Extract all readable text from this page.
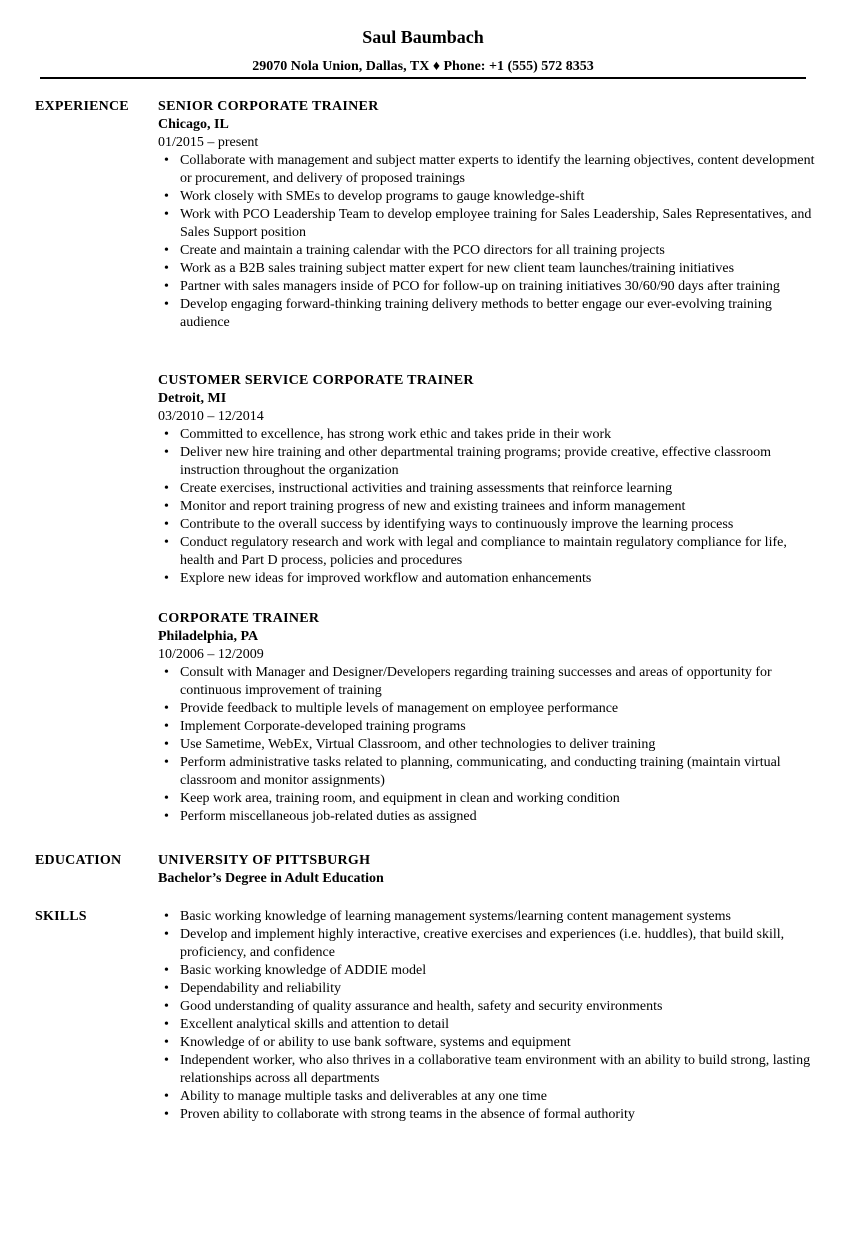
Saul Baumbach
29070 Nola Union, Dallas, TX ♦ Phone: +1 (555) 572 8353
EXPERIENCE SENIOR CORPORATE TRAINER
Chicago, IL
01/2015 – present
• Collaborate with management and subject matter experts to identify the learning objectives, content development or procurement, and delivery of proposed trainings
• Work closely with SMEs to develop programs to gauge knowledge-shift
• Work with PCO Leadership Team to develop employee training for Sales Leadership, Sales Representatives, and Sales Support position
• Create and maintain a training calendar with the PCO directors for all training projects
• Work as a B2B sales training subject matter expert for new client team launches/training initiatives
• Partner with sales managers inside of PCO for follow-up on training initiatives 30/60/90 days after training
• Develop engaging forward-thinking training delivery methods to better engage our ever-evolving training audience
CUSTOMER SERVICE CORPORATE TRAINER
Detroit, MI
03/2010 – 12/2014
• Committed to excellence, has strong work ethic and takes pride in their work
• Deliver new hire training and other departmental training programs; provide creative, effective classroom instruction throughout the organization
• Create exercises, instructional activities and training assessments that reinforce learning
• Monitor and report training progress of new and existing trainees and inform management
• Contribute to the overall success by identifying ways to continuously improve the learning process
• Conduct regulatory research and work with legal and compliance to maintain regulatory compliance for life, health and Part D process, policies and procedures
• Explore new ideas for improved workflow and automation enhancements
CORPORATE TRAINER
Philadelphia, PA
10/2006 – 12/2009
• Consult with Manager and Designer/Developers regarding training successes and areas of opportunity for continuous improvement of training
• Provide feedback to multiple levels of management on employee performance
• Implement Corporate-developed training programs
• Use Sametime, WebEx, Virtual Classroom, and other technologies to deliver training
• Perform administrative tasks related to planning, communicating, and conducting training (maintain virtual classroom and monitor assignments)
• Keep work area, training room, and equipment in clean and working condition
• Perform miscellaneous job-related duties as assigned
EDUCATION	UNIVERSITY OF PITTSBURGH
Bachelor’s Degree in Adult Education
SKILLS
•	Basic working knowledge of learning management systems/learning content management systems
• Develop and implement highly interactive, creative exercises and experiences (i.e. huddles), that build skill, proficiency, and confidence
• Basic working knowledge of ADDIE model
• Dependability and reliability
• Good understanding of quality assurance and health, safety and security environments
• Excellent analytical skills and attention to detail
• Knowledge of or ability to use bank software, systems and equipment
• Independent worker, who also thrives in a collaborative team environment with an ability to build strong, lasting relationships across all departments
• Ability to manage multiple tasks and deliverables at any one time
• Proven ability to collaborate with strong teams in the absence of formal authority
